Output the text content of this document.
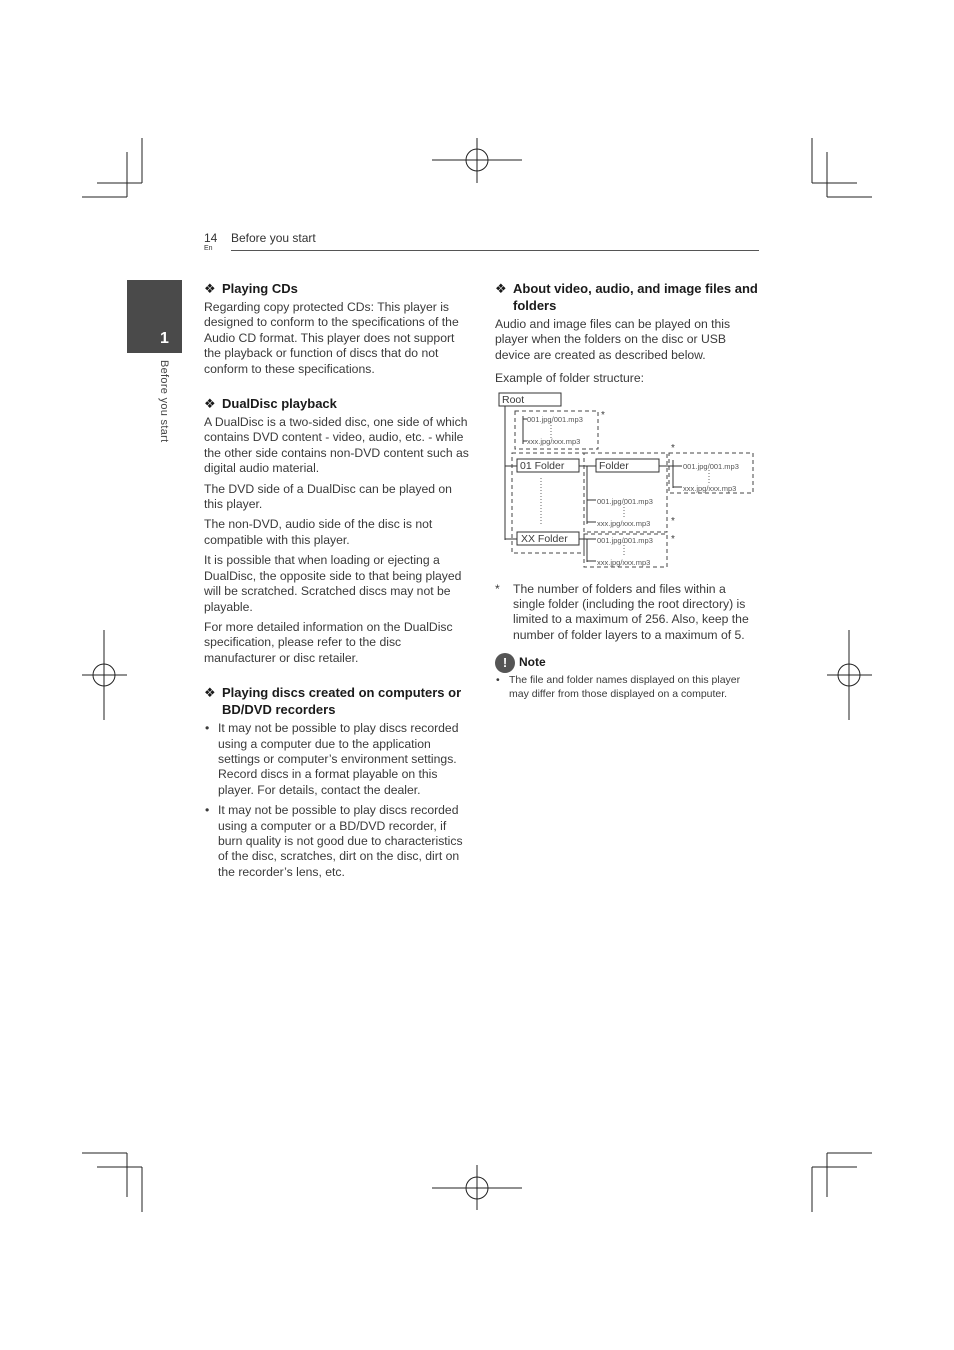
14
En
Before you start
1
Before you start
❖ Playing CDs

Regarding copy protected CDs: This player is designed to conform to the specifications of the Audio CD format. This player does not support the playback or function of discs that do not conform to these specifications.

❖ DualDisc playback

A DualDisc is a two-sided disc, one side of which contains DVD content - video, audio, etc. - while the other side contains non-DVD content such as digital audio material.

The DVD side of a DualDisc can be played on this player.

The non-DVD, audio side of the disc is not compatible with this player.

It is possible that when loading or ejecting a DualDisc, the opposite side to that being played will be scratched. Scratched discs may not be playable.

For more detailed information on the DualDisc specification, please refer to the disc manufacturer or disc retailer.

❖ Playing discs created on computers or BD/DVD recorders
• It may not be possible to play discs recorded using a computer due to the application settings or computer’s environment settings. Record discs in a format playable on this player. For details, contact the dealer.
• It may not be possible to play discs recorded using a computer or a BD/DVD recorder, if burn quality is not good due to characteristics of the disc, scratches, dirt on the disc, dirt on the recorder’s lens, etc.
❖ About video, audio, and image files and folders

Audio and image files can be played on this player when the folders on the disc or USB device are created as described below.

Example of folder structure:

Root
001.jpg/001.mp3
xxx.jpg/xxx.mp3
*
01 Folder	Folder	001.jpg/001.mp3
xxx.jpg/xxx.mp3
*
001.jpg/001.mp3
xxx.jpg/xxx.mp3 *
XX Folder	001.jpg/001.mp3
xxx.jpg/xxx.mp3
*
* The number of folders and files within a single folder (including the root directory) is limited to a maximum of 256. Also, keep the number of folder layers to a maximum of 5.
! Note
• The file and folder names displayed on this player may differ from those displayed on a computer.
